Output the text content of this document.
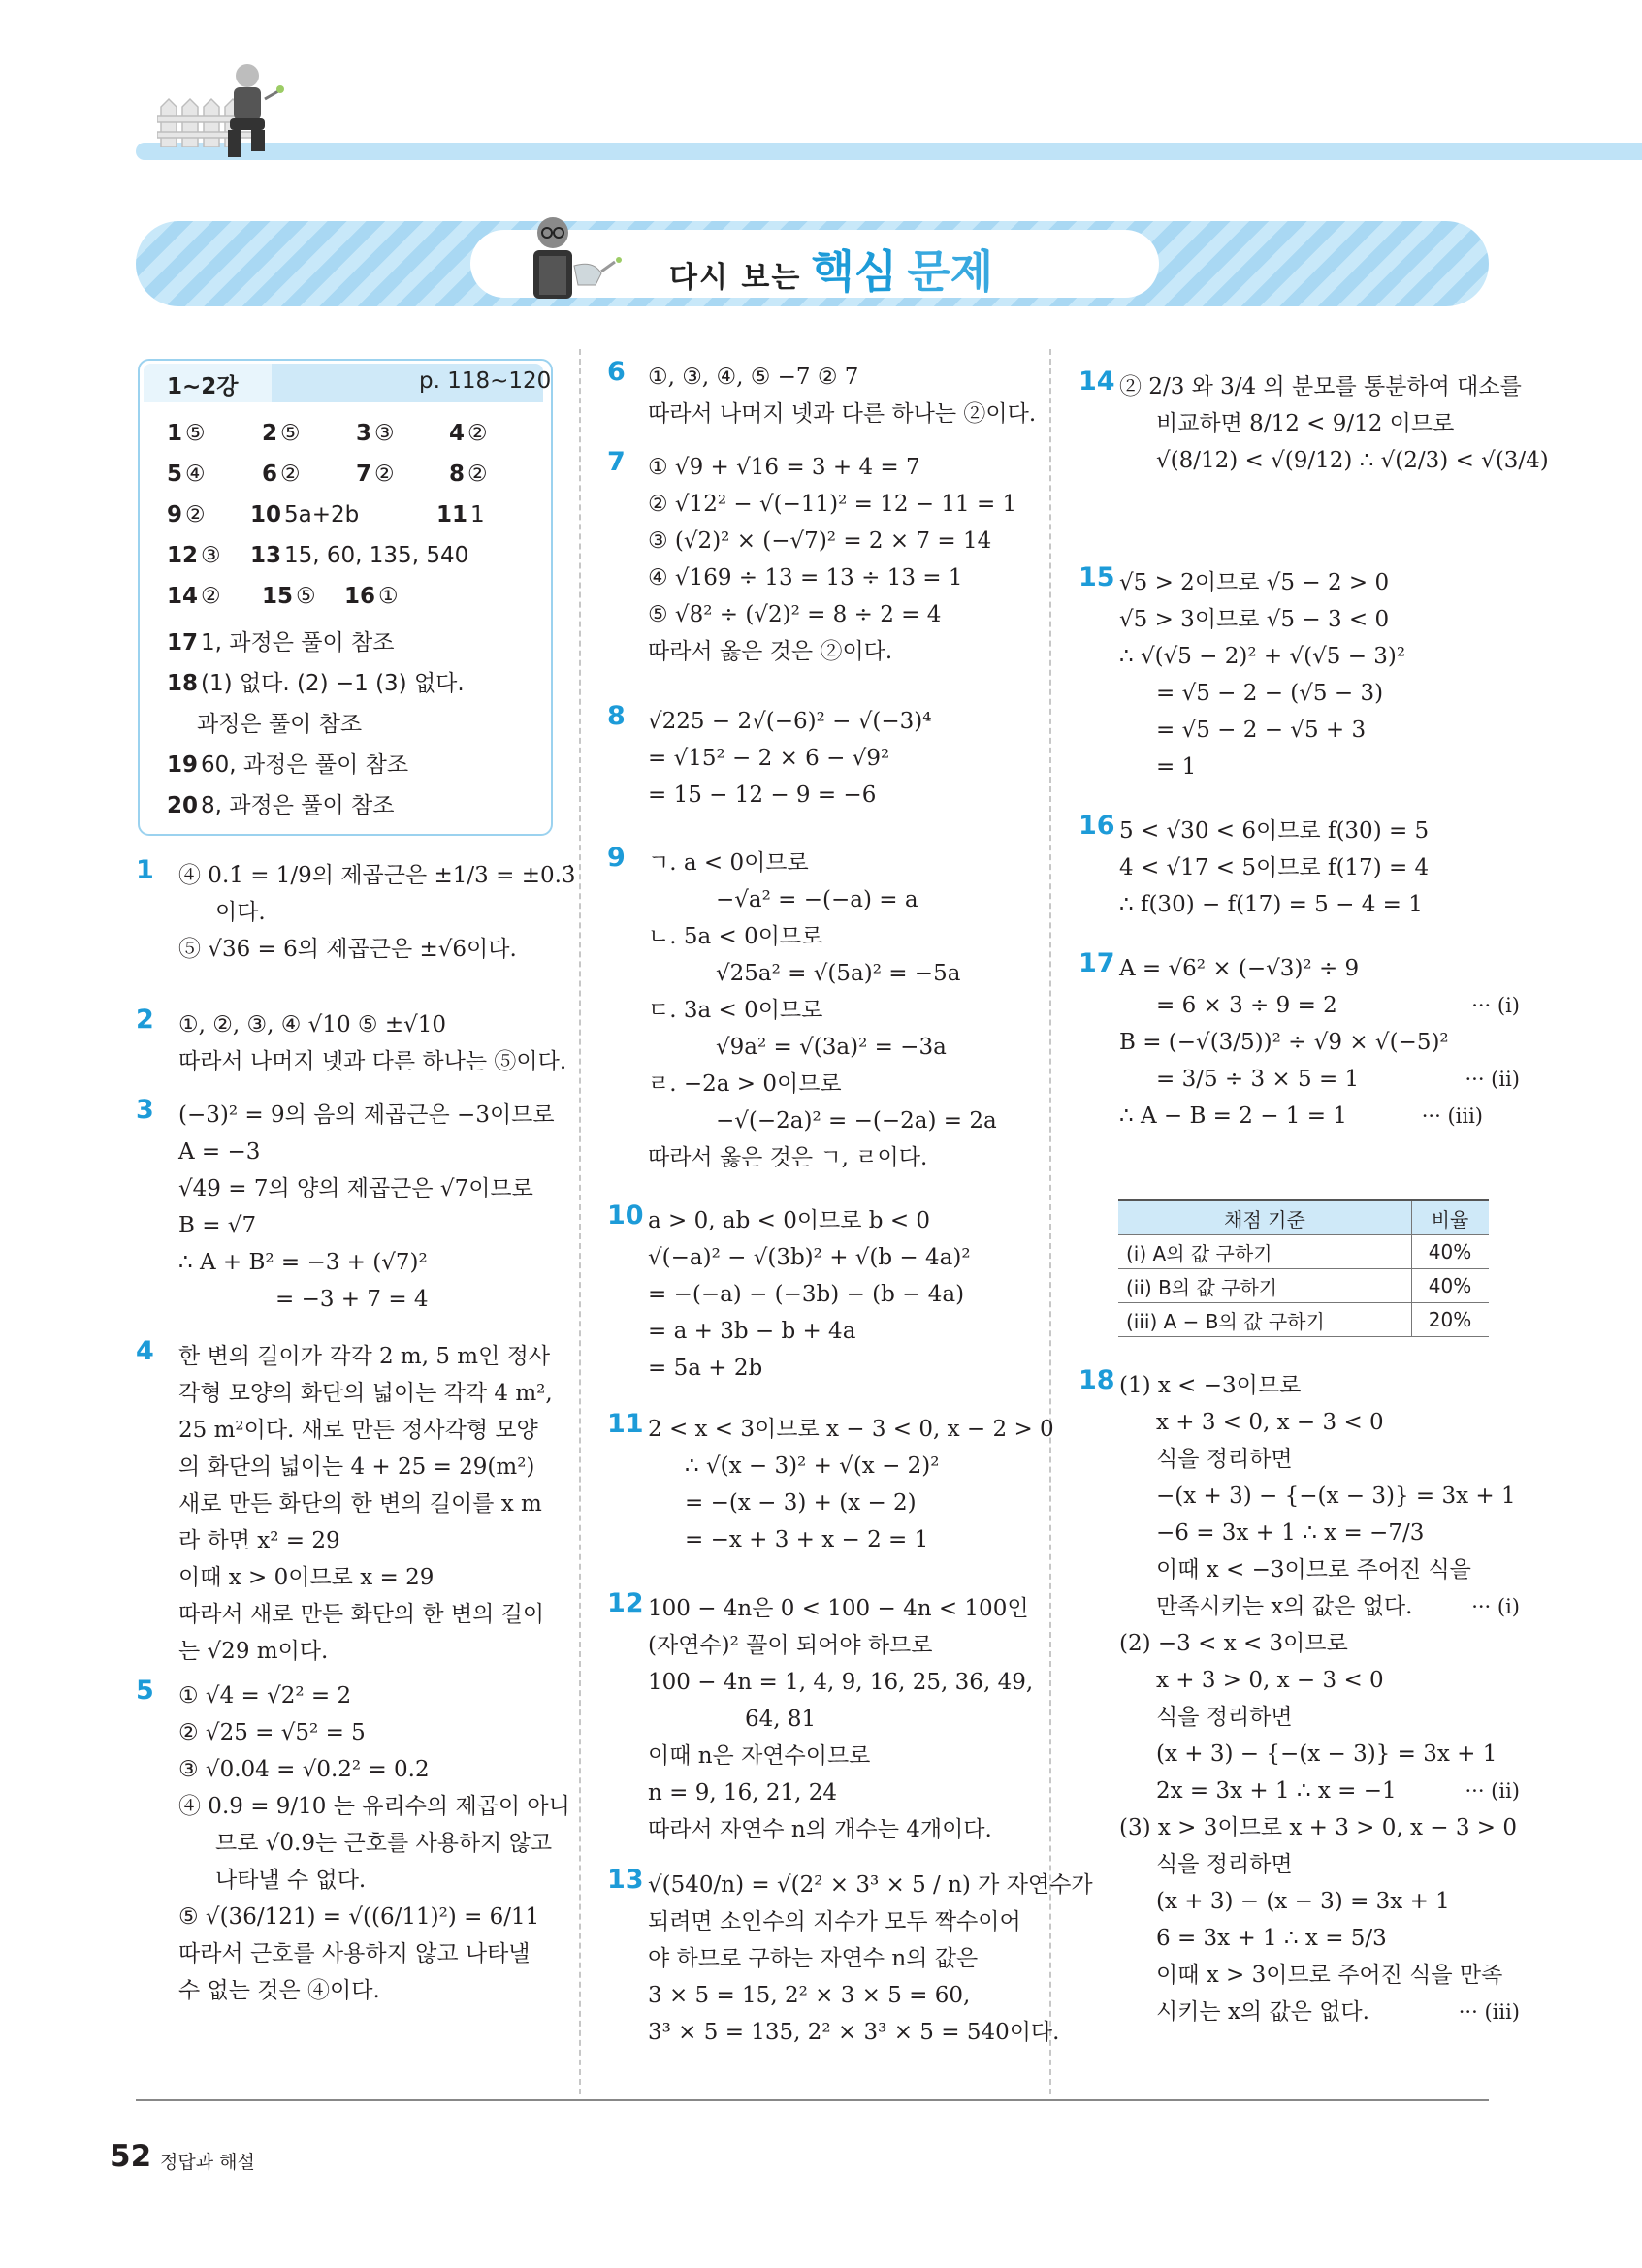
다시 보는 핵심 문제
1~2강	p. 118~120
1 ⑤	2 ⑤ 3 ③ 4 ②
5 ④	6 ② 7 ② 8 ②
9 ② 10 5a+2b	11 1
12 ③ 13 15, 60, 135, 540
14 ② 15 ⑤ 16 ①
17 1, 과정은 풀이 참조
18 (1) 없다. (2) −1 (3) 없다.
과정은 풀이 참조
19 60, 과정은 풀이 참조
20 8, 과정은 풀이 참조
1 ④ 0.1̇ = 1/9의 제곱근은 ±1/3 = ±0.3̇
이다.
⑤ √36 = 6의 제곱근은 ±√6이다.
2 ①, ②, ③, ④ √10 ⑤ ±√10
따라서 나머지 넷과 다른 하나는 ⑤이다.
3 (−3)² = 9의 음의 제곱근은 −3이므로
A = −3
√49 = 7의 양의 제곱근은 √7이므로
B = √7
∴ A + B² = −3 + (√7)²
= −3 + 7 = 4
4 한 변의 길이가 각각 2 m, 5 m인 정사
각형 모양의 화단의 넓이는 각각 4 m²,
25 m²이다. 새로 만든 정사각형 모양
의 화단의 넓이는 4 + 25 = 29(m²)
새로 만든 화단의 한 변의 길이를 x m
라 하면 x² = 29
이때 x > 0이므로 x = 29
따라서 새로 만든 화단의 한 변의 길이
는 √29 m이다.
5 ① √4 = √2² = 2
② √25 = √5² = 5
③ √0.04 = √0.2² = 0.2
④ 0.9 = 9/10 는 유리수의 제곱이 아니
므로 √0.9는 근호를 사용하지 않고
나타낼 수 없다.
⑤ √(36/121) = √((6/11)²) = 6/11
따라서 근호를 사용하지 않고 나타낼
수 없는 것은 ④이다.
6 ①, ③, ④, ⑤ −7 ② 7
따라서 나머지 넷과 다른 하나는 ②이다.
7 ① √9 + √16 = 3 + 4 = 7
② √12² − √(−11)² = 12 − 11 = 1
③ (√2)² × (−√7)² = 2 × 7 = 14
④ √169 ÷ 13 = 13 ÷ 13 = 1
⑤ √8² ÷ (√2)² = 8 ÷ 2 = 4
따라서 옳은 것은 ②이다.
8 √225 − 2√(−6)² − √(−3)⁴
= √15² − 2 × 6 − √9²
= 15 − 12 − 9 = −6
9 ㄱ. a < 0이므로
−√a² = −(−a) = a
ㄴ. 5a < 0이므로
√25a² = √(5a)² = −5a
ㄷ. 3a < 0이므로
√9a² = √(3a)² = −3a
ㄹ. −2a > 0이므로
−√(−2a)² = −(−2a) = 2a
따라서 옳은 것은 ㄱ, ㄹ이다.
10 a > 0, ab < 0이므로 b < 0
√(−a)² − √(3b)² + √(b − 4a)²
= −(−a) − (−3b) − (b − 4a)
= a + 3b − b + 4a
= 5a + 2b
11 2 < x < 3이므로 x − 3 < 0, x − 2 > 0
∴ √(x − 3)² + √(x − 2)²
= −(x − 3) + (x − 2)
= −x + 3 + x − 2 = 1
12 100 − 4n은 0 < 100 − 4n < 100인
(자연수)² 꼴이 되어야 하므로
100 − 4n = 1, 4, 9, 16, 25, 36, 49,
64, 81
이때 n은 자연수이므로
n = 9, 16, 21, 24
따라서 자연수 n의 개수는 4개이다.
13 √(540/n) = √(2² × 3³ × 5 / n) 가 자연수가
되려면 소인수의 지수가 모두 짝수이어
야 하므로 구하는 자연수 n의 값은
3 × 5 = 15, 2² × 3 × 5 = 60,
3³ × 5 = 135, 2² × 3³ × 5 = 540이다.
14 ② 2/3 와 3/4 의 분모를 통분하여 대소를
비교하면 8/12 < 9/12 이므로
√(8/12) < √(9/12) ∴ √(2/3) < √(3/4)
15 √5 > 2이므로 √5 − 2 > 0
√5 > 3이므로 √5 − 3 < 0
∴ √(√5 − 2)² + √(√5 − 3)²
= √5 − 2 − (√5 − 3)
= √5 − 2 − √5 + 3
= 1
16 5 < √30 < 6이므로 f(30) = 5
4 < √17 < 5이므로 f(17) = 4
∴ f(30) − f(17) = 5 − 4 = 1
17 A = √6² × (−√3)² ÷ 9
= 6 × 3 ÷ 9 = 2	··· (i)
B = (−√(3/5))² ÷ √9 × √(−5)²
= 3/5 ÷ 3 × 5 = 1	··· (ii)
∴ A − B = 2 − 1 = 1	··· (iii)
18 (1) x < −3이므로
x + 3 < 0, x − 3 < 0
식을 정리하면
−(x + 3) − {−(x − 3)} = 3x + 1
−6 = 3x + 1 ∴ x = −7/3
이때 x < −3이므로 주어진 식을
만족시키는 x의 값은 없다.	··· (i)
(2) −3 < x < 3이므로
x + 3 > 0, x − 3 < 0
식을 정리하면
(x + 3) − {−(x − 3)} = 3x + 1
2x = 3x + 1 ∴ x = −1	··· (ii)
(3) x > 3이므로 x + 3 > 0, x − 3 > 0
식을 정리하면
(x + 3) − (x − 3) = 3x + 1
6 = 3x + 1 ∴ x = 5/3
이때 x > 3이므로 주어진 식을 만족
시키는 x의 값은 없다.	··· (iii)
채점 기준	비율
(i) A의 값 구하기	40%
(ii) B의 값 구하기	40%
(iii) A − B의 값 구하기	20%
52 정답과 해설
